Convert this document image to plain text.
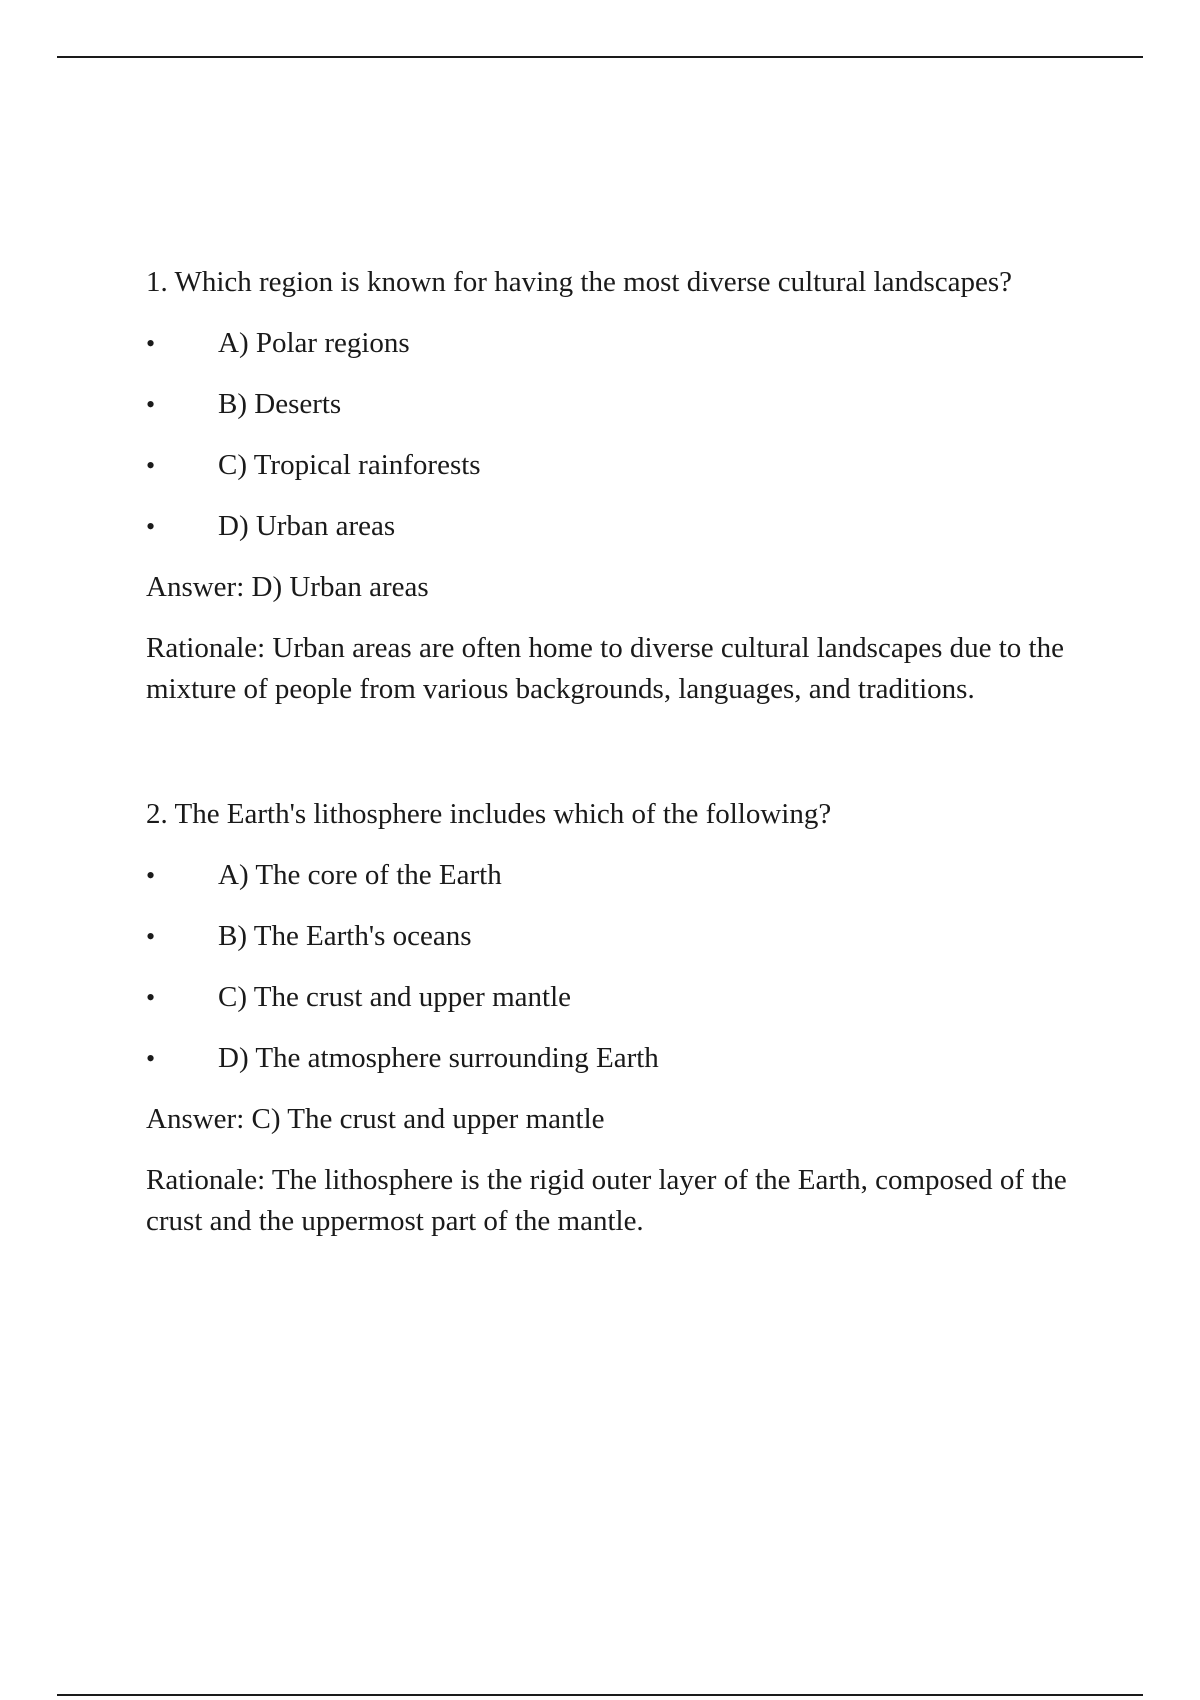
1. Which region is known for having the most diverse cultural landscapes?

•	A) Polar regions
•	B) Deserts
•	C) Tropical rainforests
•	D) Urban areas

Answer: D) Urban areas

Rationale: Urban areas are often home to diverse cultural landscapes due to the mixture of people from various backgrounds, languages, and traditions.

2. The Earth's lithosphere includes which of the following?

•	A) The core of the Earth
•	B) The Earth's oceans
•	C) The crust and upper mantle
•	D) The atmosphere surrounding Earth

Answer: C) The crust and upper mantle

Rationale: The lithosphere is the rigid outer layer of the Earth, composed of the crust and the uppermost part of the mantle.
